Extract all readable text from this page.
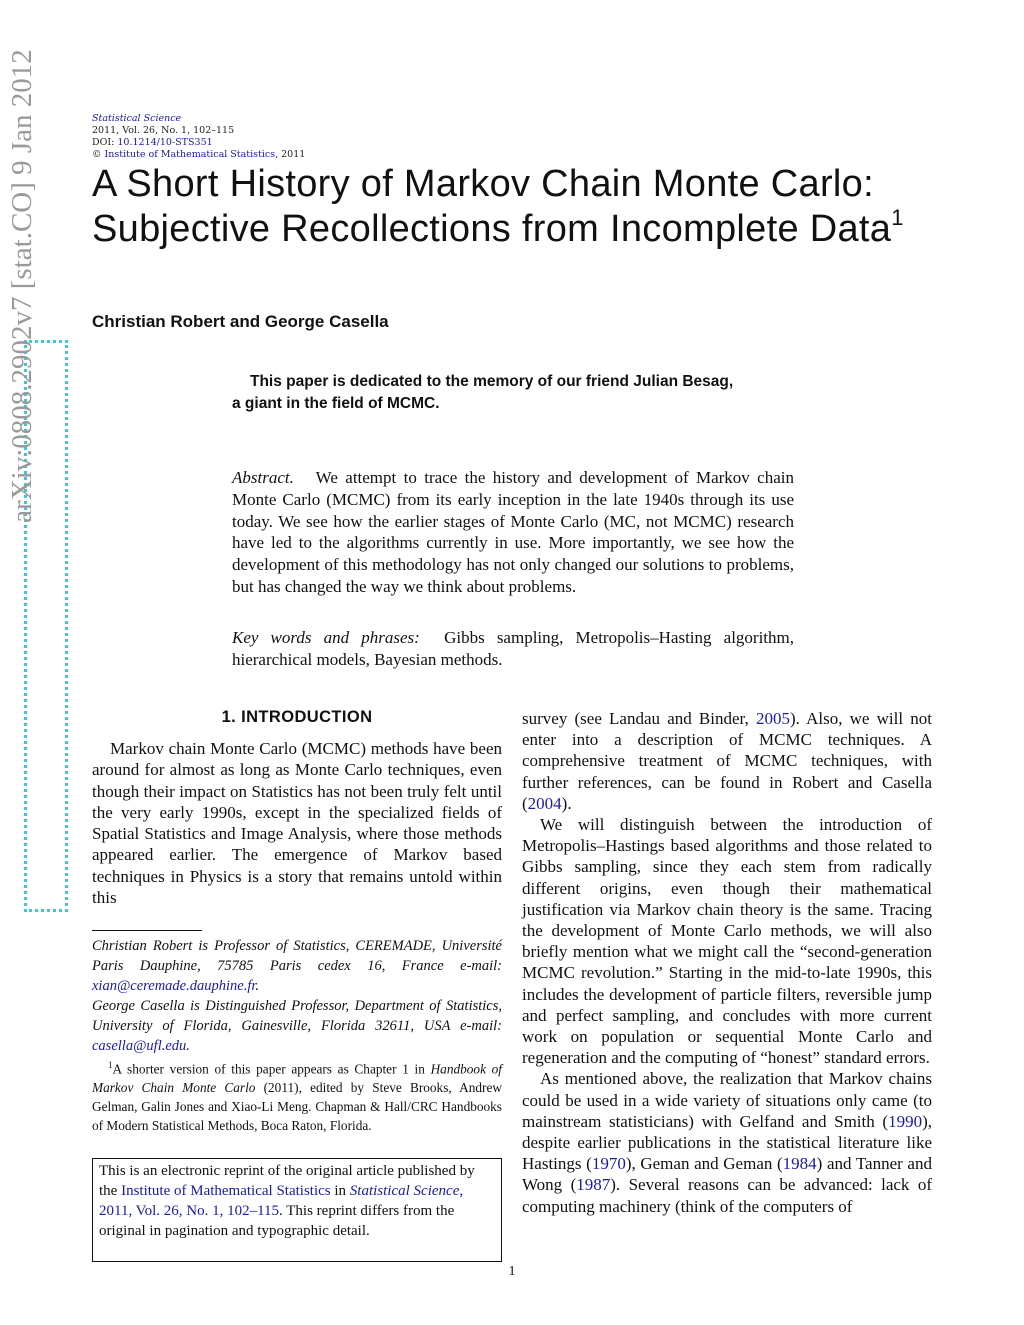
arXiv:0808.2902v7 [stat.CO] 9 Jan 2012	Statistical Science
2011, Vol. 26, No. 1, 102–115
DOI: 10.1214/10-STS351
© Institute of Mathematical Statistics, 2011
A Short History of Markov Chain Monte Carlo: Subjective Recollections from Incomplete Data$^1$
Christian Robert and George Casella
This paper is dedicated to the memory of our friend Julian Besag,
a giant in the field of MCMC.
Abstract. We attempt to trace the history and development of Markov chain Monte Carlo (MCMC) from its early inception in the late 1940s through its use today. We see how the earlier stages of Monte Carlo (MC, not MCMC) research have led to the algorithms currently in use. More importantly, we see how the development of this methodology has not only changed our solutions to problems, but has changed the way we think about problems.
Key words and phrases: Gibbs sampling, Metropolis–Hasting algorithm, hierarchical models, Bayesian methods.
1. INTRODUCTION
Markov chain Monte Carlo (MCMC) methods have been around for almost as long as Monte Carlo techniques, even though their impact on Statistics has not been truly felt until the very early 1990s, except in the specialized fields of Spatial Statistics and Image Analysis, where those methods appeared earlier. The emergence of Markov based techniques in Physics is a story that remains untold within this
Christian Robert is Professor of Statistics, CEREMADE, Université Paris Dauphine, 75785 Paris cedex 16, France e-mail: xian@ceremade.dauphine.fr.
George Casella is Distinguished Professor, Department of Statistics, University of Florida, Gainesville, Florida 32611, USA e-mail: casella@ufl.edu.
$^1$A shorter version of this paper appears as Chapter 1 in Handbook of Markov Chain Monte Carlo (2011), edited by Steve Brooks, Andrew Gelman, Galin Jones and Xiao-Li Meng. Chapman & Hall/CRC Handbooks of Modern Statistical Methods, Boca Raton, Florida.
This is an electronic reprint of the original article published by the Institute of Mathematical Statistics in Statistical Science, 2011, Vol. 26, No. 1, 102–115. This reprint differs from the original in pagination and typographic detail.

survey (see Landau and Binder, 2005). Also, we will not enter into a description of MCMC techniques. A comprehensive treatment of MCMC techniques, with further references, can be found in Robert and Casella (2004).

We will distinguish between the introduction of Metropolis–Hastings based algorithms and those related to Gibbs sampling, since they each stem from radically different origins, even though their mathematical justification via Markov chain theory is the same. Tracing the development of Monte Carlo methods, we will also briefly mention what we might call the “second-generation MCMC revolution.” Starting in the mid-to-late 1990s, this includes the development of particle filters, reversible jump and perfect sampling, and concludes with more current work on population or sequential Monte Carlo and regeneration and the computing of “honest” standard errors.

As mentioned above, the realization that Markov chains could be used in a wide variety of situations only came (to mainstream statisticians) with Gelfand and Smith (1990), despite earlier publications in the statistical literature like Hastings (1970), Geman and Geman (1984) and Tanner and Wong (1987). Several reasons can be advanced: lack of computing machinery (think of the computers of

1
